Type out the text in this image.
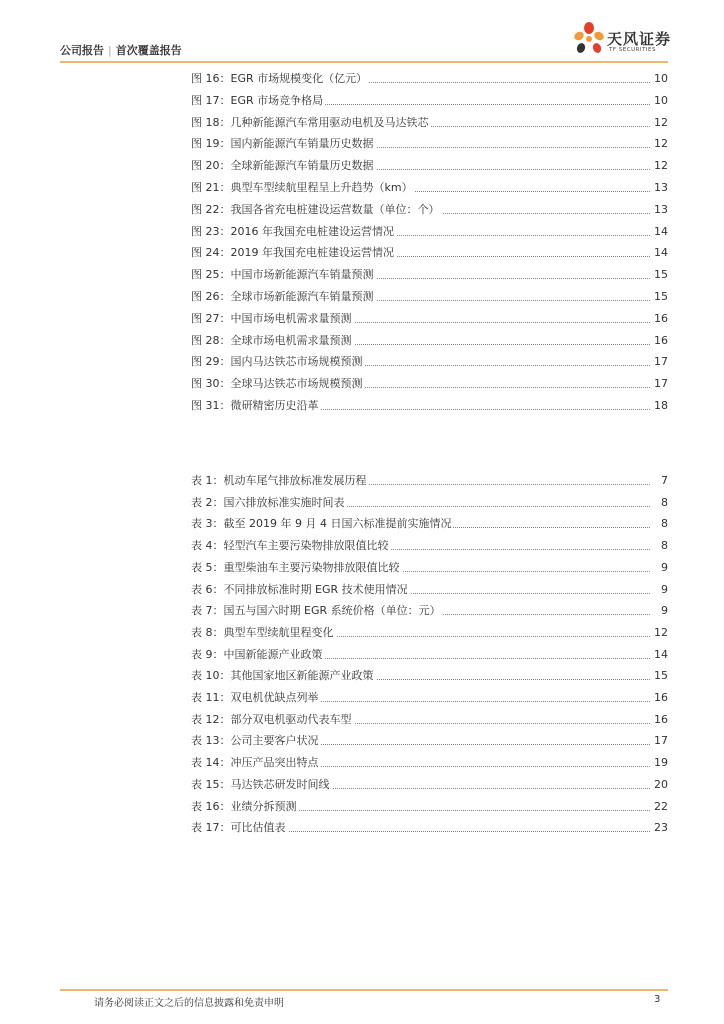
公司报告 | 首次覆盖报告
天风证券
TF SECURITIES
图 16：EGR 市场规模变化（亿元）	10
图 17：EGR 市场竞争格局	10
图 18：几种新能源汽车常用驱动电机及马达铁芯	12
图 19：国内新能源汽车销量历史数据	12
图 20：全球新能源汽车销量历史数据	12
图 21：典型车型续航里程呈上升趋势（km）	13
图 22：我国各省充电桩建设运营数量（单位：个）	13
图 23：2016 年我国充电桩建设运营情况	14
图 24：2019 年我国充电桩建设运营情况	14
图 25：中国市场新能源汽车销量预测	15
图 26：全球市场新能源汽车销量预测	15
图 27：中国市场电机需求量预测	16
图 28：全球市场电机需求量预测	16
图 29：国内马达铁芯市场规模预测	17
图 30：全球马达铁芯市场规模预测	17
图 31：微研精密历史沿革	18
表 1：机动车尾气排放标准发展历程	7
表 2：国六排放标准实施时间表	8
表 3：截至 2019 年 9 月 4 日国六标准提前实施情况	8
表 4：轻型汽车主要污染物排放限值比较	8
表 5：重型柴油车主要污染物排放限值比较	9
表 6：不同排放标准时期 EGR 技术使用情况	9
表 7：国五与国六时期 EGR 系统价格（单位：元）	9
表 8：典型车型续航里程变化	12
表 9：中国新能源产业政策	14
表 10：其他国家地区新能源产业政策	15
表 11：双电机优缺点列举	16
表 12：部分双电机驱动代表车型	16
表 13：公司主要客户状况	17
表 14：冲压产品突出特点	19
表 15：马达铁芯研发时间线	20
表 16：业绩分拆预测	22
表 17：可比估值表	23
请务必阅读正文之后的信息披露和免责申明	3
